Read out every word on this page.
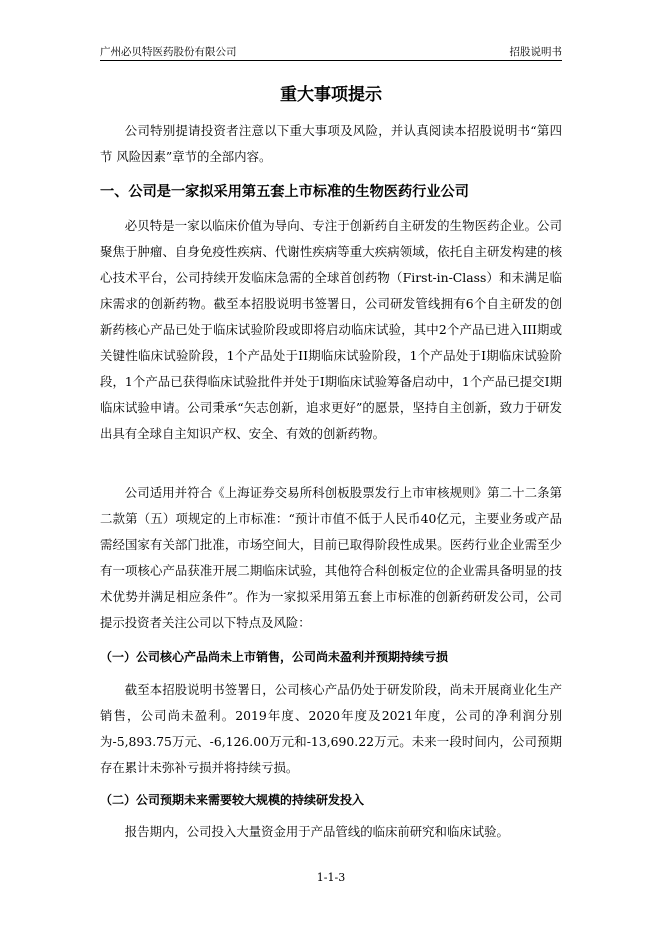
广州必贝特医药股份有限公司	招股说明书
重大事项提示

公司特别提请投资者注意以下重大事项及风险，并认真阅读本招股说明书“第四节 风险因素”章节的全部内容。

一、公司是一家拟采用第五套上市标准的生物医药行业公司

必贝特是一家以临床价值为导向、专注于创新药自主研发的生物医药企业。公司聚焦于肿瘤、自身免疫性疾病、代谢性疾病等重大疾病领域，依托自主研发构建的核心技术平台，公司持续开发临床急需的全球首创药物（First-in-Class）和未满足临床需求的创新药物。截至本招股说明书签署日，公司研发管线拥有6个自主研发的创新药核心产品已处于临床试验阶段或即将启动临床试验，其中2个产品已进入III期或关键性临床试验阶段，1个产品处于II期临床试验阶段，1个产品处于I期临床试验阶段，1个产品已获得临床试验批件并处于I期临床试验筹备启动中，1个产品已提交I期临床试验申请。公司秉承“矢志创新，追求更好”的愿景，坚持自主创新，致力于研发出具有全球自主知识产权、安全、有效的创新药物。

公司适用并符合《上海证券交易所科创板股票发行上市审核规则》第二十二条第二款第（五）项规定的上市标准：“预计市值不低于人民币40亿元，主要业务或产品需经国家有关部门批准，市场空间大，目前已取得阶段性成果。医药行业企业需至少有一项核心产品获准开展二期临床试验，其他符合科创板定位的企业需具备明显的技术优势并满足相应条件”。作为一家拟采用第五套上市标准的创新药研发公司，公司提示投资者关注公司以下特点及风险：

（一）公司核心产品尚未上市销售，公司尚未盈利并预期持续亏损

截至本招股说明书签署日，公司核心产品仍处于研发阶段，尚未开展商业化生产销售，公司尚未盈利。2019年度、2020年度及2021年度，公司的净利润分别为-5,893.75万元、-6,126.00万元和-13,690.22万元。未来一段时间内，公司预期存在累计未弥补亏损并将持续亏损。

（二）公司预期未来需要较大规模的持续研发投入

报告期内，公司投入大量资金用于产品管线的临床前研究和临床试验。

1-1-3
